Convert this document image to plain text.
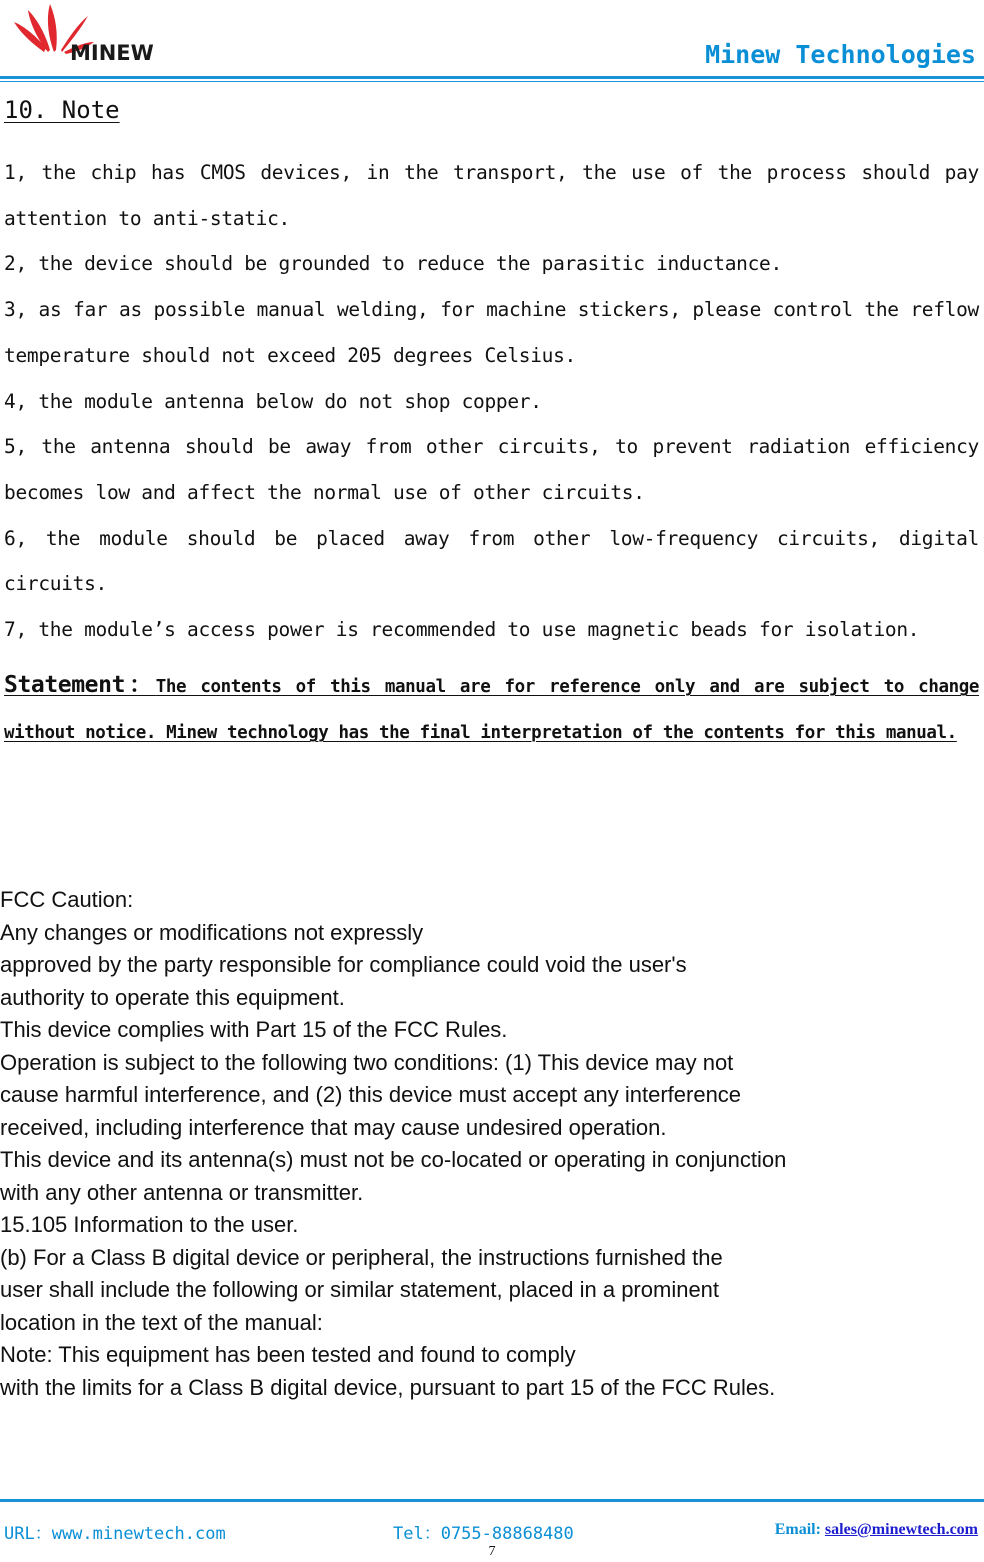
MINEW	Minew Technologies
10. Note
1, the chip has CMOS devices, in the transport, the use of the process should pay attention to anti-static.
2, the device should be grounded to reduce the parasitic inductance.
3, as far as possible manual welding, for machine stickers, please control the reflow temperature should not exceed 205 degrees Celsius.
4, the module antenna below do not shop copper.
5, the antenna should be away from other circuits, to prevent radiation efficiency becomes low and affect the normal use of other circuits.
6, the module should be placed away from other low-frequency circuits, digital circuits.
7, the module’s access power is recommended to use magnetic beads for isolation.

Statement：The contents of this manual are for reference only and are subject to change without notice. Minew technology has the final interpretation of the contents for this manual.

FCC Caution:
Any changes or modifications not expressly
approved by the party responsible for compliance could void the user's
authority to operate this equipment.
This device complies with Part 15 of the FCC Rules.
Operation is subject to the following two conditions: (1) This device may not
cause harmful interference, and (2) this device must accept any interference
received, including interference that may cause undesired operation.
This device and its antenna(s) must not be co-located or operating in conjunction
with any other antenna or transmitter.
15.105 Information to the user.
(b) For a Class B digital device or peripheral, the instructions furnished the
user shall include the following or similar statement, placed in a prominent
location in the text of the manual:
Note: This equipment has been tested and found to comply
with the limits for a Class B digital device, pursuant to part 15 of the FCC Rules.

URL：www.minewtech.com	Tel：0755-88868480	Email: sales@minewtech.com

7
